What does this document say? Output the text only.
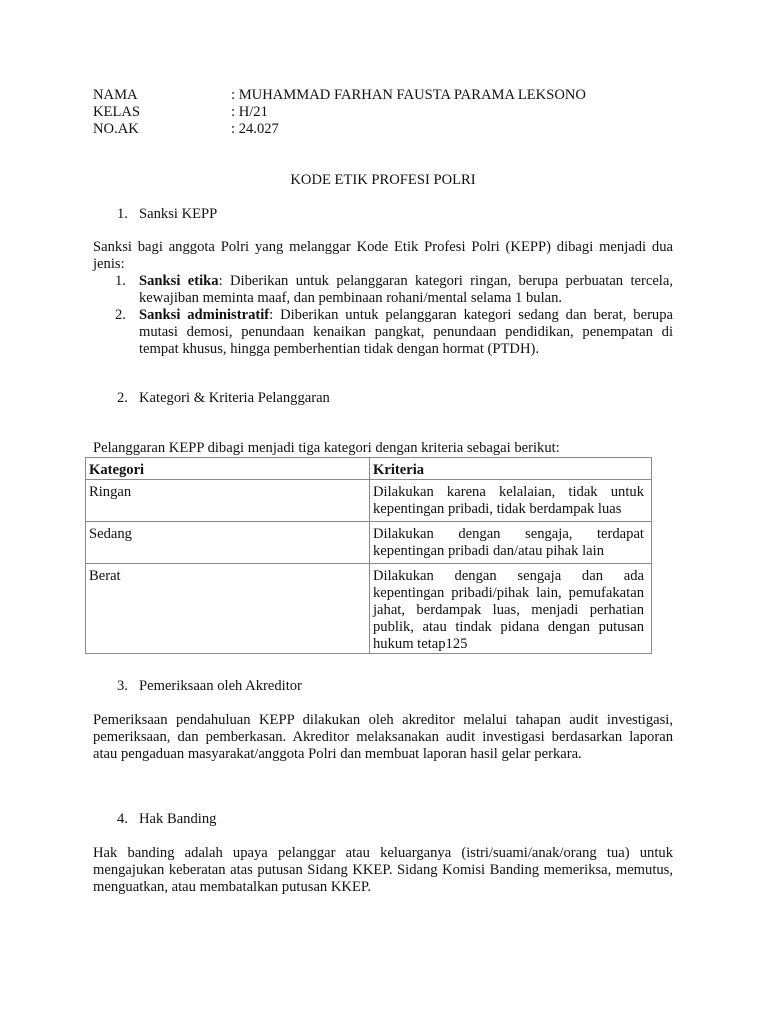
NAMA	: MUHAMMAD FARHAN FAUSTA PARAMA LEKSONO
KELAS	: H/21
NO.AK	: 24.027
KODE ETIK PROFESI POLRI
1. Sanksi KEPP
Sanksi bagi anggota Polri yang melanggar Kode Etik Profesi Polri (KEPP) dibagi menjadi dua jenis:
1. Sanksi etika: Diberikan untuk pelanggaran kategori ringan, berupa perbuatan tercela, kewajiban meminta maaf, dan pembinaan rohani/mental selama 1 bulan.
2. Sanksi administratif: Diberikan untuk pelanggaran kategori sedang dan berat, berupa mutasi demosi, penundaan kenaikan pangkat, penundaan pendidikan, penempatan di tempat khusus, hingga pemberhentian tidak dengan hormat (PTDH).
2. Kategori & Kriteria Pelanggaran
Pelanggaran KEPP dibagi menjadi tiga kategori dengan kriteria sebagai berikut:
Kategori	Kriteria
Ringan	Dilakukan karena kelalaian, tidak untuk kepentingan pribadi, tidak berdampak luas
Sedang	Dilakukan dengan sengaja, terdapat kepentingan pribadi dan/atau pihak lain
Berat	Dilakukan dengan sengaja dan ada kepentingan pribadi/pihak lain, pemufakatan jahat, berdampak luas, menjadi perhatian publik, atau tindak pidana dengan putusan hukum tetap125
3. Pemeriksaan oleh Akreditor
Pemeriksaan pendahuluan KEPP dilakukan oleh akreditor melalui tahapan audit investigasi, pemeriksaan, dan pemberkasan. Akreditor melaksanakan audit investigasi berdasarkan laporan atau pengaduan masyarakat/anggota Polri dan membuat laporan hasil gelar perkara.
4. Hak Banding
Hak banding adalah upaya pelanggar atau keluarganya (istri/suami/anak/orang tua) untuk mengajukan keberatan atas putusan Sidang KKEP. Sidang Komisi Banding memeriksa, memutus, menguatkan, atau membatalkan putusan KKEP.
